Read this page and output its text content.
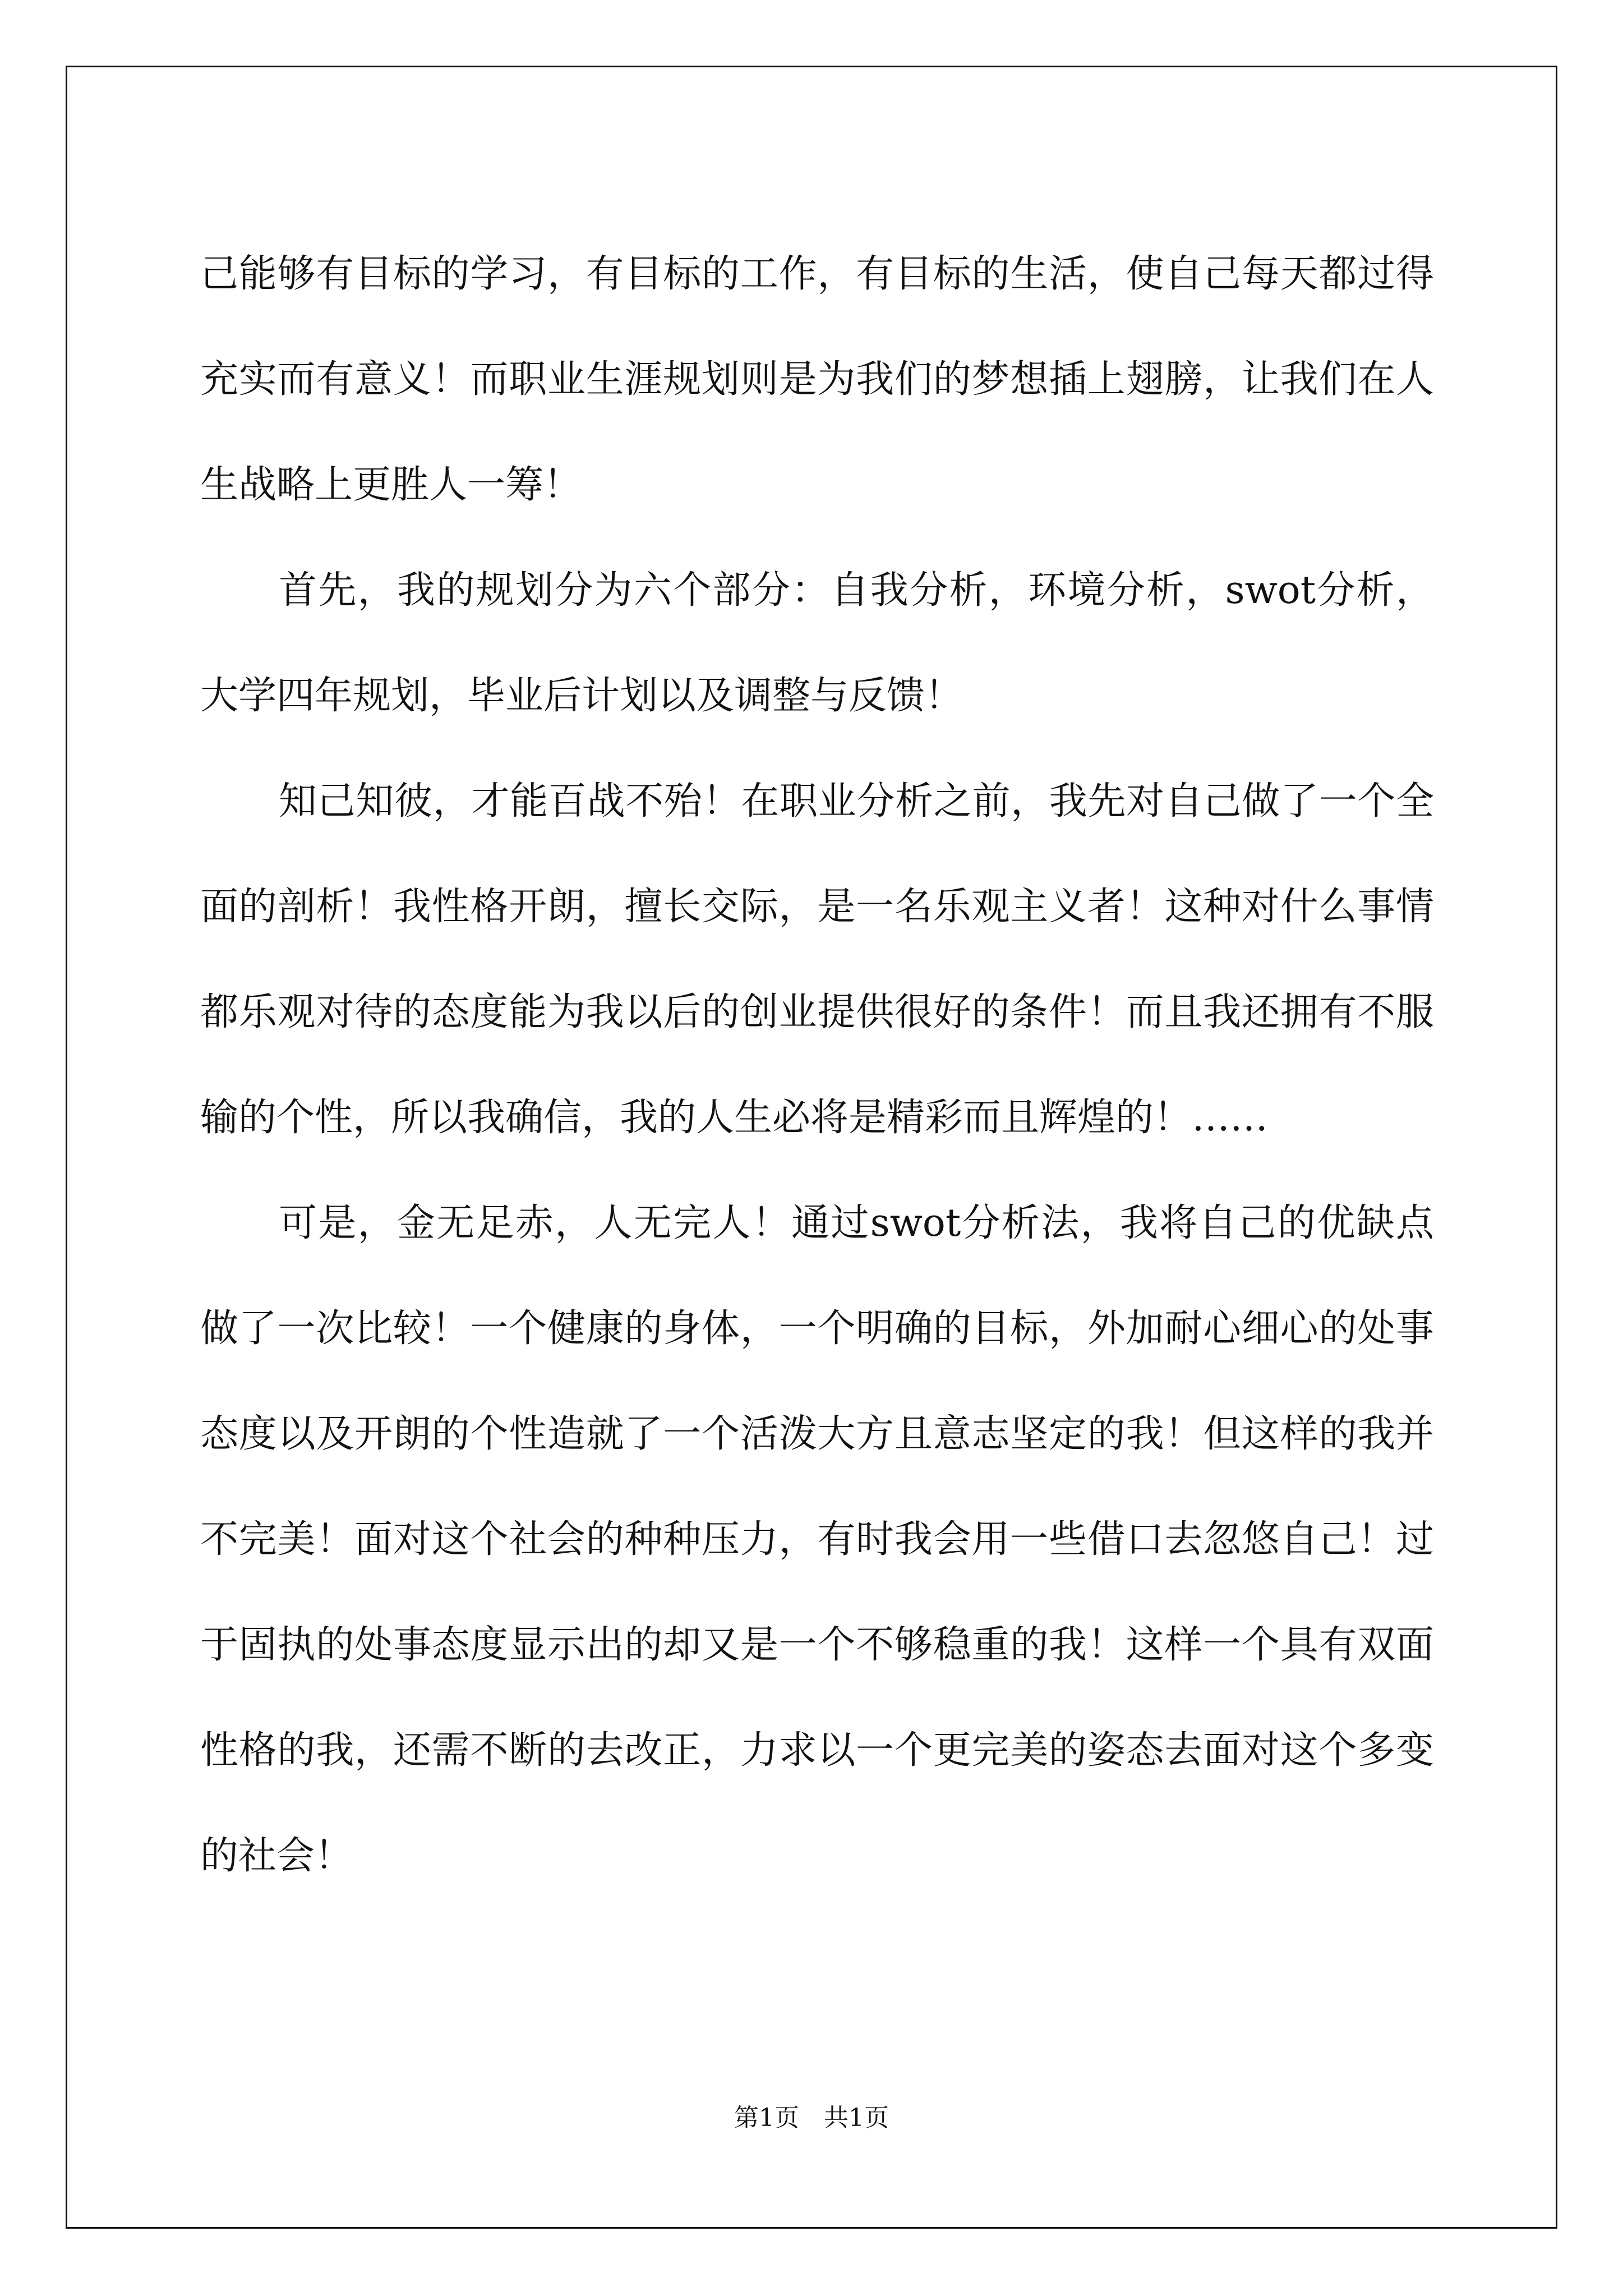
己能够有目标的学习，有目标的工作，有目标的生活，使自己每天都过得充实而有意义！而职业生涯规划则是为我们的梦想插上翅膀，让我们在人生战略上更胜人一筹！

首先，我的规划分为六个部分：自我分析，环境分析，swot分析，大学四年规划，毕业后计划以及调整与反馈！

知己知彼，才能百战不殆！在职业分析之前，我先对自己做了一个全面的剖析！我性格开朗，擅长交际，是一名乐观主义者！这种对什么事情都乐观对待的态度能为我以后的创业提供很好的条件！而且我还拥有不服输的个性，所以我确信，我的人生必将是精彩而且辉煌的！……

可是，金无足赤，人无完人！通过swot分析法，我将自己的优缺点做了一次比较！一个健康的身体，一个明确的目标，外加耐心细心的处事态度以及开朗的个性造就了一个活泼大方且意志坚定的我！但这样的我并不完美！面对这个社会的种种压力，有时我会用一些借口去忽悠自己！过于固执的处事态度显示出的却又是一个不够稳重的我！这样一个具有双面性格的我，还需不断的去改正，力求以一个更完美的姿态去面对这个多变的社会！

第1页　共1页
